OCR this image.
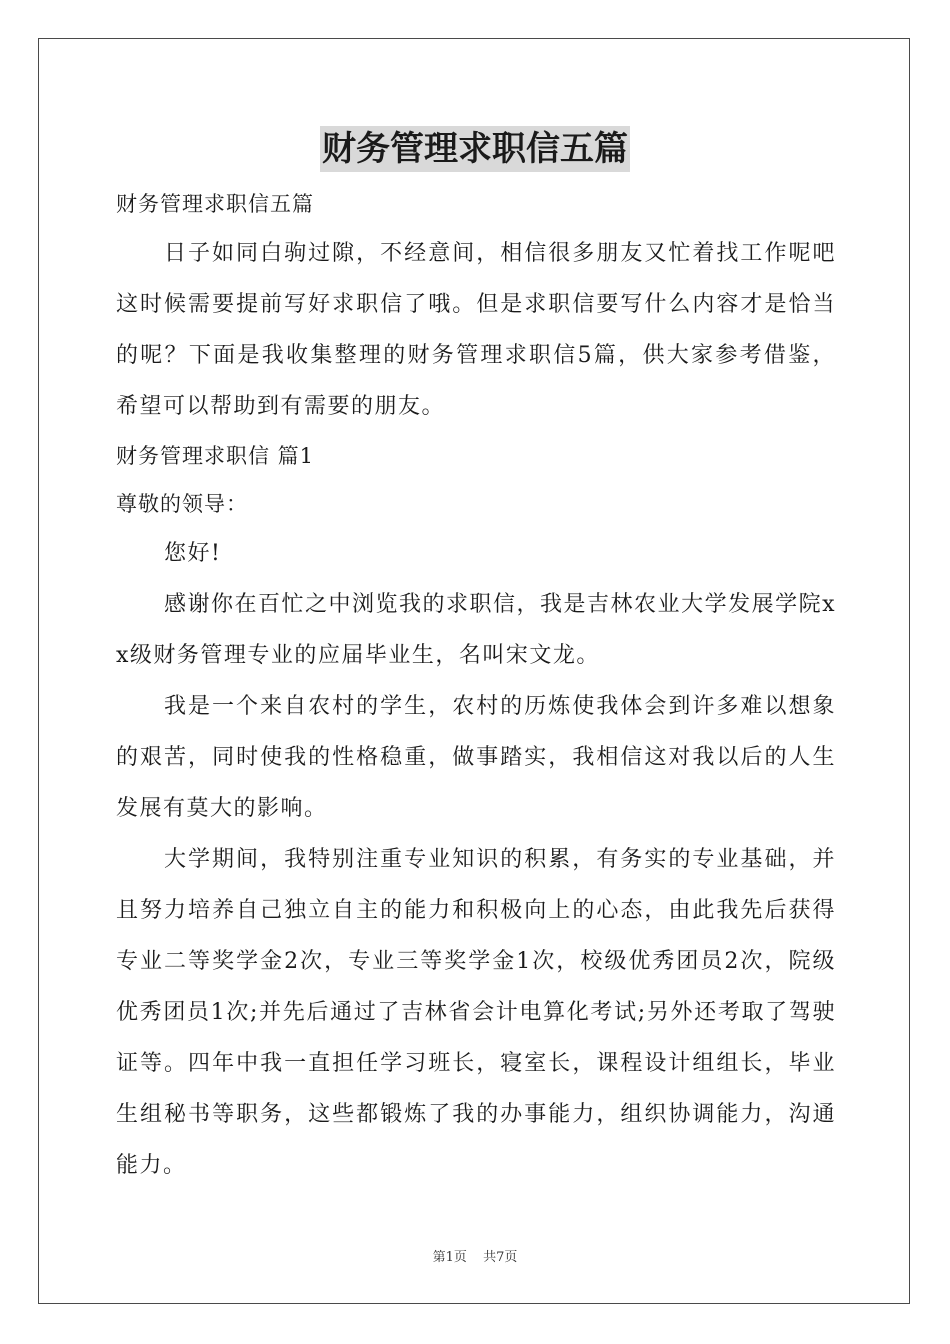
财务管理求职信五篇

财务管理求职信五篇

日子如同白驹过隙，不经意间，相信很多朋友又忙着找工作呢吧这时候需要提前写好求职信了哦。但是求职信要写什么内容才是恰当的呢？下面是我收集整理的财务管理求职信5篇，供大家参考借鉴，希望可以帮助到有需要的朋友。

财务管理求职信 篇1

尊敬的领导：

您好!

感谢你在百忙之中浏览我的求职信，我是吉林农业大学发展学院xx级财务管理专业的应届毕业生，名叫宋文龙。

我是一个来自农村的学生，农村的历炼使我体会到许多难以想象的艰苦，同时使我的性格稳重，做事踏实，我相信这对我以后的人生发展有莫大的影响。

大学期间，我特别注重专业知识的积累，有务实的专业基础，并且努力培养自己独立自主的能力和积极向上的心态，由此我先后获得专业二等奖学金2次，专业三等奖学金1次，校级优秀团员2次，院级优秀团员1次;并先后通过了吉林省会计电算化考试;另外还考取了驾驶证等。四年中我一直担任学习班长，寝室长，课程设计组组长，毕业生组秘书等职务，这些都锻炼了我的办事能力，组织协调能力，沟通能力。

第1页 共7页
